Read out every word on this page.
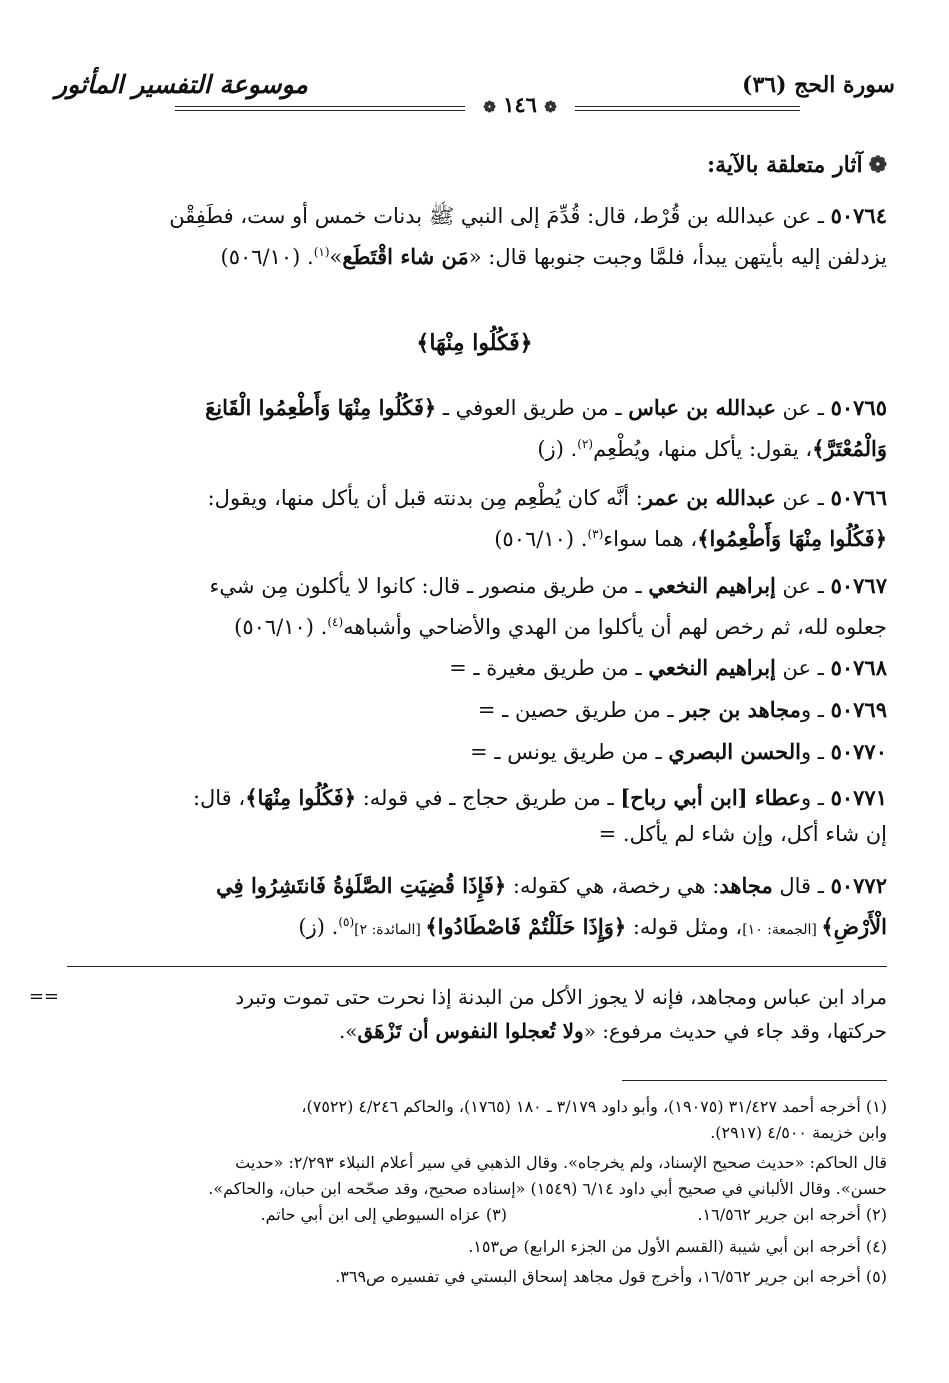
سورة الحج (٣٦)
موسوعة التفسير المأثور
❁ ١٤٦ ❁
❁آثار متعلقة بالآية:
٥٠٧٦٤ ـ عن عبدالله بن قُرْط، قال: قُدِّمَ إلى النبي ﷺ بدنات خمس أو ست، فطَفِقْن
يزدلفن إليه بأيتهن يبدأ، فلمَّا وجبت جنوبها قال: «مَن شاء اقْتَطَع»$^{(١)}$. (٥٠٦/١٠)
﴿فَكُلُوا مِنْهَا﴾
٥٠٧٦٥ ـ عن عبدالله بن عباس ـ من طريق العوفي ـ ﴿فَكُلُوا مِنْهَا وَأَطْعِمُوا الْقَانِعَ
وَالْمُعْتَرَّ﴾، يقول: يأكل منها، ويُطْعِم$^{(٢)}$. (ز)
٥٠٧٦٦ ـ عن عبدالله بن عمر: أنَّه كان يُطْعِم مِن بدنته قبل أن يأكل منها، ويقول:
﴿فَكُلُوا مِنْهَا وَأَطْعِمُوا﴾، هما سواء$^{(٣)}$. (٥٠٦/١٠)
٥٠٧٦٧ ـ عن إبراهيم النخعي ـ من طريق منصور ـ قال: كانوا لا يأكلون مِن شيء
جعلوه لله، ثم رخص لهم أن يأكلوا من الهدي والأضاحي وأشباهه$^{(٤)}$. (٥٠٦/١٠)
٥٠٧٦٨ ـ عن إبراهيم النخعي ـ من طريق مغيرة ـ =
٥٠٧٦٩ ـ ومجاهد بن جبر ـ من طريق حصين ـ =
٥٠٧٧٠ ـ والحسن البصري ـ من طريق يونس ـ =
٥٠٧٧١ ـ وعطاء [ابن أبي رباح] ـ من طريق حجاج ـ في قوله: ﴿فَكُلُوا مِنْهَا﴾، قال:
إن شاء أكل، وإن شاء لم يأكل. =
٥٠٧٧٢ ـ قال مجاهد: هي رخصة، هي كقوله: ﴿فَإِذَا قُضِيَتِ الصَّلَوٰةُ فَانتَشِرُوا فِي
الْأَرْضِ﴾ [الجمعة: ١٠]، ومثل قوله: ﴿وَإِذَا حَلَلْتُمْ فَاصْطَادُوا﴾ [المائدة: ٢]$^{(٥)}$. (ز)
مراد ابن عباس ومجاهد، فإنه لا يجوز الأكل من البدنة إذا نحرت حتى تموت وتبرد
حركتها، وقد جاء في حديث مرفوع: «ولا تُعجلوا النفوس أن تَزْهَق».
==
(١) أخرجه أحمد ٣١/٤٢٧ (١٩٠٧٥)، وأبو داود ٣/١٧٩ ـ ١٨٠ (١٧٦٥)، والحاكم ٤/٢٤٦ (٧٥٢٢)،
وابن خزيمة ٤/٥٠٠ (٢٩١٧).
قال الحاكم: «حديث صحيح الإسناد، ولم يخرجاه». وقال الذهبي في سير أعلام النبلاء ٢/٢٩٣: «حديث
حسن». وقال الألباني في صحيح أبي داود ٦/١٤ (١٥٤٩) «إسناده صحيح، وقد صحّحه ابن حبان، والحاكم».
(٢) أخرجه ابن جرير ١٦/٥٦٢.
(٣) عزاه السيوطي إلى ابن أبي حاتم.
(٤) أخرجه ابن أبي شيبة (القسم الأول من الجزء الرابع) ص١٥٣.
(٥) أخرجه ابن جرير ١٦/٥٦٢، وأخرج قول مجاهد إسحاق البستي في تفسيره ص٣٦٩.
